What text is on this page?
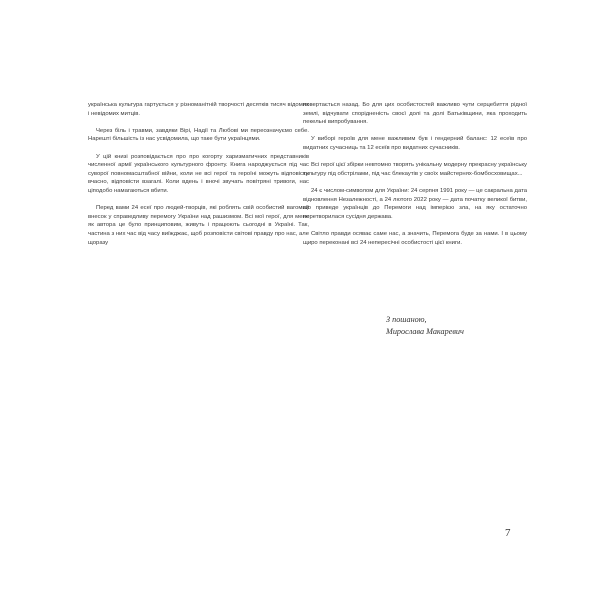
українська культура гартується у різноманітній творчості десятків тисяч відомих і невідомих митців.

Через біль і травми, завдяки Вірі, Надії та Любові ми переозначуємо себе. Нарешті більшість із нас усвідомила, що таке бути українцями.

У цій книзі розповідається про про когорту харизматичних представників численної армії українського культурного фронту. Книга народжується під час суворої повномасштабної війни, коли не всі герої та героїні можуть відповісти вчасно, відповісти взагалі. Коли вдень і вночі звучать повітряні тривоги, нас ціподобо намагаються вбити.

Перед вами 24 есеї про людей-творців, які роблять свій особистий вагомий внесок у справедливу перемогу України над рашизмом. Всі мої герої, для мене як автора це було принциповим, живуть і працюють сьогодні в Україні. Так, частина з них час від часу виїжджає, щоб розповісти світові правду про нас, але щоразу

повертається назад. Бо для цих особистостей важливо чути серцебиття рідної землі, відчувати спорідненість своєї долі та долі Батьківщини, яка проходить пекельні випробування.

У виборі героїв для мене важливим був і гендерний баланс: 12 есеїв про видатних сучасниць та 12 есеїв про видатних сучасників.

Всі герої цієї збірки невтомно творять унікальну модерну прекрасну українську культуру під обстрілами, під час блекаутів у своїх майстернях-бомбосховищах...

24 є числом-символом для України: 24 серпня 1991 року — це сакральна дата відновлення Незалежності, а 24 лютого 2022 року — дата початку великої битви, що приведе українців до Перемоги над імперією зла, на яку остаточно перетворилася сусідня держава.

Світло правди осяває саме нас, а значить, Перемога буде за нами. І в цьому щиро переконані всі 24 непересічні особистості цієї книги.

З пошаною,
Мирослава Макаревич
7
